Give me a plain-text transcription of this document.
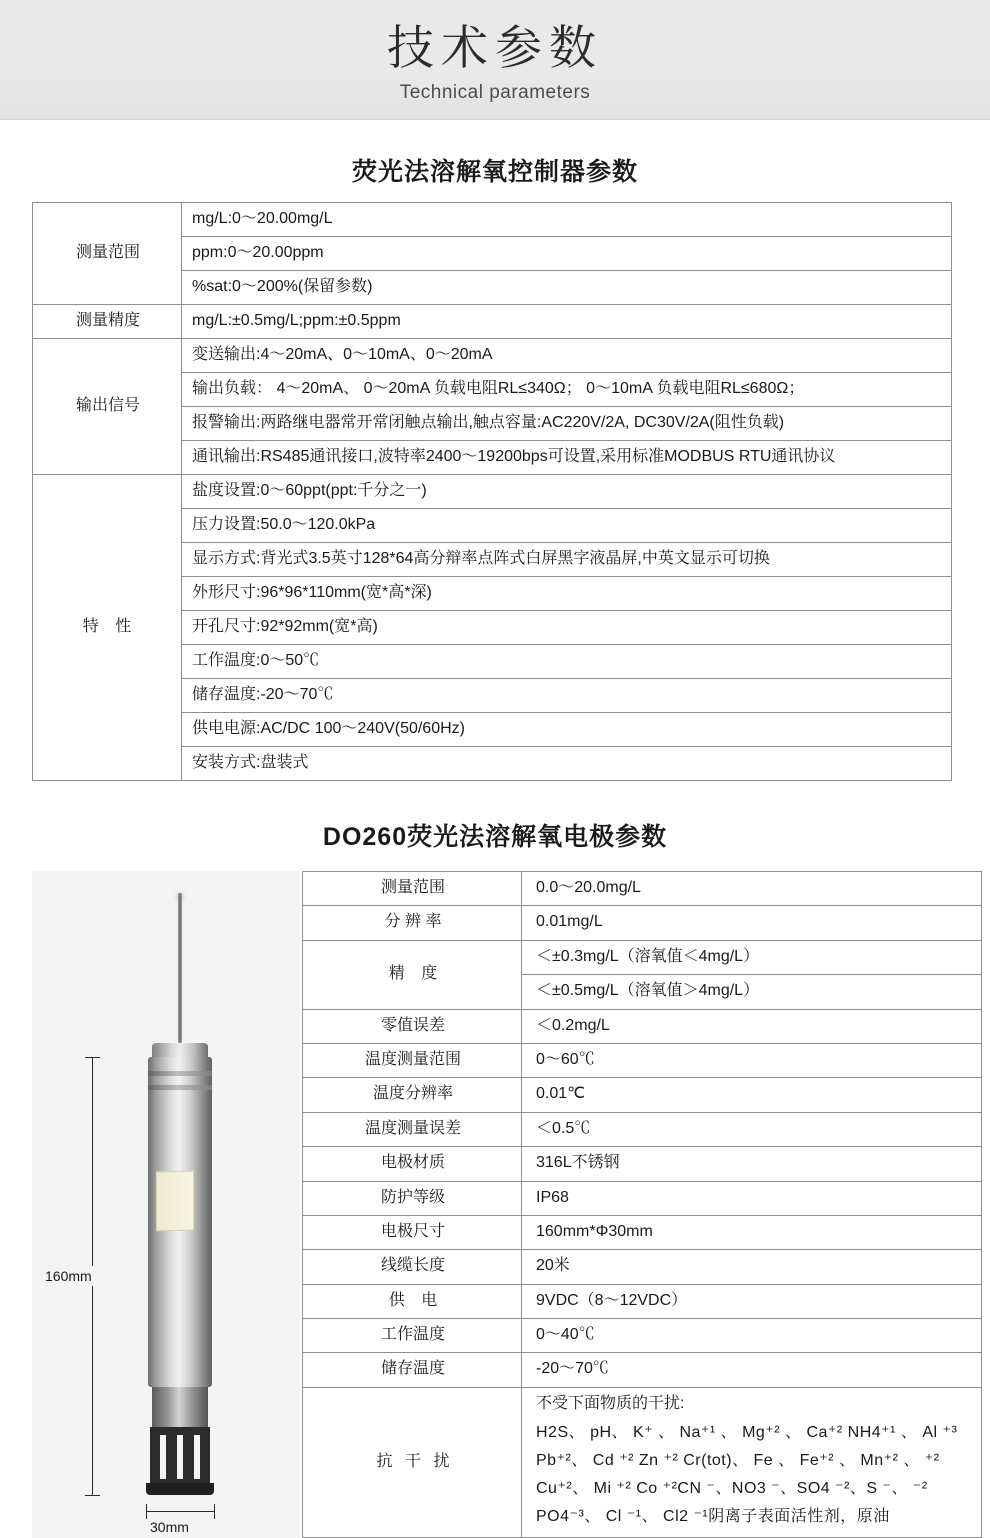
技术参数
Technical parameters
荧光法溶解氧控制器参数
测量范围	mg/L:0～20.00mg/L
	ppm:0～20.00ppm
	%sat:0～200%(保留参数)
测量精度	mg/L:±0.5mg/L;ppm:±0.5ppm
输出信号	变送输出:4～20mA、0～10mA、0～20mA
	输出负载： 4～20mA、 0～20mA 负载电阻RL≤340Ω； 0～10mA 负载电阻RL≤680Ω；
	报警输出:两路继电器常开常闭触点输出,触点容量:AC220V/2A, DC30V/2A(阻性负载)
	通讯输出:RS485通讯接口,波特率2400～19200bps可设置,采用标准MODBUS RTU通讯协议
特 性	盐度设置:0～60ppt(ppt:千分之一)
	压力设置:50.0～120.0kPa
	显示方式:背光式3.5英寸128*64高分辩率点阵式白屏黑字液晶屏,中英文显示可切换
	外形尺寸:96*96*110mm(宽*高*深)
	开孔尺寸:92*92mm(宽*高)
	工作温度:0～50℃
	储存温度:-20～70℃
	供电电源:AC/DC 100～240V(50/60Hz)
	安装方式:盘装式
DO260荧光法溶解氧电极参数
160mm
30mm
测量范围	0.0～20.0mg/L
分 辨 率	0.01mg/L
精 度	＜±0.3mg/L（溶氧值＜4mg/L）
	＜±0.5mg/L（溶氧值＞4mg/L）
零值误差	＜0.2mg/L
温度测量范围	0～60℃
温度分辨率	0.01℃
温度测量误差	＜0.5℃
电极材质	316L不锈钢
防护等级	IP68
电极尺寸	160mm*Φ30mm
线缆长度	20米
供 电	9VDC（8～12VDC）
工作温度	0～40℃
储存温度	-20～70℃
抗 干 扰	不受下面物质的干扰:
H2S、 pH、 K⁺ 、 Na⁺¹ 、 Mg⁺² 、 Ca⁺² NH4⁺¹ 、 Al ⁺³
Pb⁺²、 Cd ⁺² Zn ⁺² Cr(tot)、 Fe 、 Fe⁺² 、 Mn⁺² 、 ⁺²
Cu⁺²、 Mi ⁺² Co ⁺²CN ⁻、NO3 ⁻、SO4 ⁻²、S ⁻、 ⁻²
PO4⁻³、 Cl ⁻¹、 Cl2 ⁻¹阴离子表面活性剂，原油
